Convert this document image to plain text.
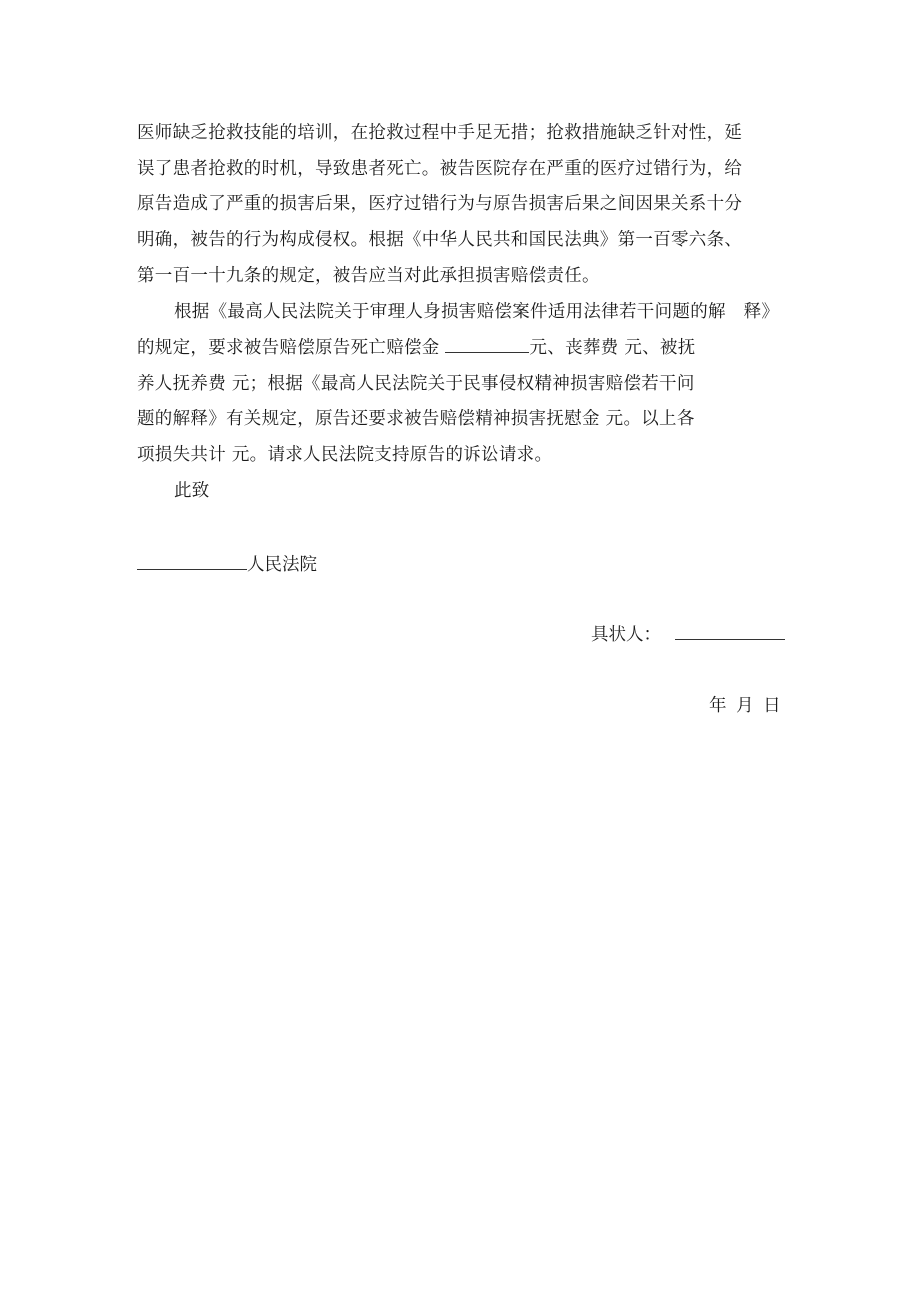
医师缺乏抢救技能的培训，在抢救过程中手足无措；抢救措施缺乏针对性，延
误了患者抢救的时机，导致患者死亡。被告医院存在严重的医疗过错行为，给
原告造成了严重的损害后果，医疗过错行为与原告损害后果之间因果关系十分
明确，被告的行为构成侵权。根据《中华人民共和国民法典》第一百零六条、
第一百一十九条的规定，被告应当对此承担损害赔偿责任。
根据《最高人民法院关于审理人身损害赔偿案件适用法律若干问题的解　释》
的规定，要求被告赔偿原告死亡赔偿金	元、丧葬费 元、被抚
养人抚养费 元；根据《最高人民法院关于民事侵权精神损害赔偿若干问
题的解释》有关规定，原告还要求被告赔偿精神损害抚慰金 元。以上各
项损失共计 元。请求人民法院支持原告的诉讼请求。
此致
人民法院
具状人：
年 月 日
